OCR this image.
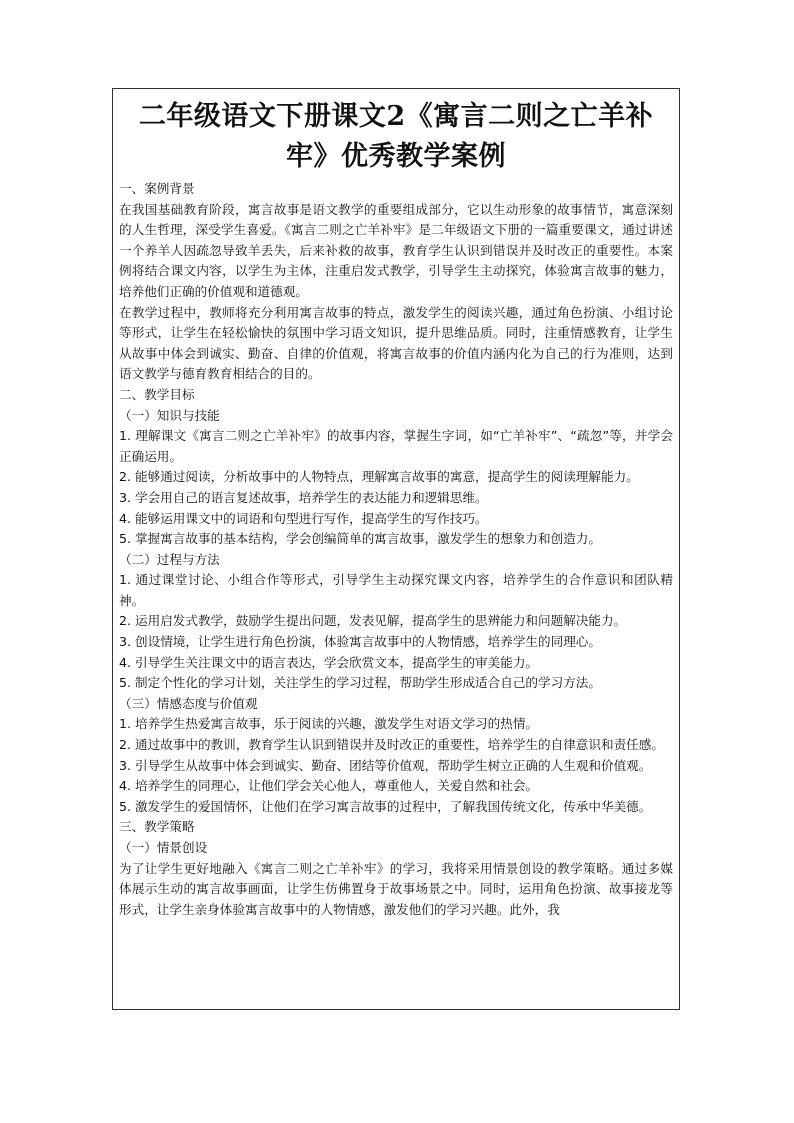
二年级语文下册课文2《寓言二则之亡羊补牢》优秀教学案例

一、案例背景

在我国基础教育阶段，寓言故事是语文教学的重要组成部分，它以生动形象的故事情节，寓意深刻的人生哲理，深受学生喜爱。《寓言二则之亡羊补牢》是二年级语文下册的一篇重要课文，通过讲述一个养羊人因疏忽导致羊丢失，后来补救的故事，教育学生认识到错误并及时改正的重要性。本案例将结合课文内容，以学生为主体，注重启发式教学，引导学生主动探究，体验寓言故事的魅力，培养他们正确的价值观和道德观。

在教学过程中，教师将充分利用寓言故事的特点，激发学生的阅读兴趣，通过角色扮演、小组讨论等形式，让学生在轻松愉快的氛围中学习语文知识，提升思维品质。同时，注重情感教育，让学生从故事中体会到诚实、勤奋、自律的价值观，将寓言故事的价值内涵内化为自己的行为准则，达到语文教学与德育教育相结合的目的。

二、教学目标

（一）知识与技能

1. 理解课文《寓言二则之亡羊补牢》的故事内容，掌握生字词，如“亡羊补牢”、“疏忽”等，并学会正确运用。

2. 能够通过阅读，分析故事中的人物特点，理解寓言故事的寓意，提高学生的阅读理解能力。

3. 学会用自己的语言复述故事，培养学生的表达能力和逻辑思维。

4. 能够运用课文中的词语和句型进行写作，提高学生的写作技巧。

5. 掌握寓言故事的基本结构，学会创编简单的寓言故事，激发学生的想象力和创造力。

（二）过程与方法

1. 通过课堂讨论、小组合作等形式，引导学生主动探究课文内容，培养学生的合作意识和团队精神。

2. 运用启发式教学，鼓励学生提出问题，发表见解，提高学生的思辨能力和问题解决能力。

3. 创设情境，让学生进行角色扮演，体验寓言故事中的人物情感，培养学生的同理心。

4. 引导学生关注课文中的语言表达，学会欣赏文本，提高学生的审美能力。

5. 制定个性化的学习计划，关注学生的学习过程，帮助学生形成适合自己的学习方法。

（三）情感态度与价值观

1. 培养学生热爱寓言故事，乐于阅读的兴趣，激发学生对语文学习的热情。

2. 通过故事中的教训，教育学生认识到错误并及时改正的重要性，培养学生的自律意识和责任感。

3. 引导学生从故事中体会到诚实、勤奋、团结等价值观，帮助学生树立正确的人生观和价值观。

4. 培养学生的同理心，让他们学会关心他人，尊重他人，关爱自然和社会。

5. 激发学生的爱国情怀，让他们在学习寓言故事的过程中，了解我国传统文化，传承中华美德。

三、教学策略

（一）情景创设

为了让学生更好地融入《寓言二则之亡羊补牢》的学习，我将采用情景创设的教学策略。通过多媒体展示生动的寓言故事画面，让学生仿佛置身于故事场景之中。同时，运用角色扮演、故事接龙等形式，让学生亲身体验寓言故事中的人物情感，激发他们的学习兴趣。此外，我
